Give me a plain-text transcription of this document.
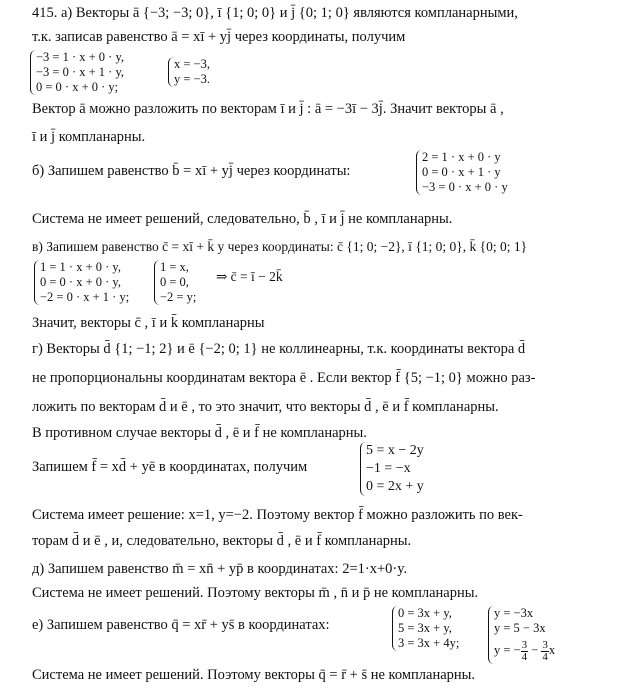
415. а) Векторы ā {−3; −3; 0}, ī {1; 0; 0} и j̄ {0; 1; 0} являются компланарными,
т.к. записав равенство ā = xī + yj̄ через координаты, получим
−3 = 1 · x + 0 · y,
−3 = 0 · x + 1 · y,
0 = 0 · x + 0 · y;
x = −3,
y = −3.
Вектор ā можно разложить по векторам ī и j̄ : ā = −3ī − 3j̄. Значит векторы ā ,
ī и j̄ компланарны.
б) Запишем равенство b̄ = xī + yj̄ через координаты:
2 = 1 · x + 0 · y
0 = 0 · x + 1 · y
−3 = 0 · x + 0 · y
Система не имеет решений, следовательно, b̄ , ī и j̄ не компланарны.
в) Запишем равенство c̄ = xī + k̄ y через координаты: c̄ {1; 0; −2}, ī {1; 0; 0}, k̄ {0; 0; 1}
1 = 1 · x + 0 · y,
0 = 0 · x + 0 · y,
−2 = 0 · x + 1 · y;
1 = x,
0 = 0,
−2 = y;
⇒ c̄ = ī − 2k̄
Значит, векторы c̄ , ī и k̄ компланарны
г) Векторы d̄ {1; −1; 2} и ē {−2; 0; 1} не коллинеарны, т.к. координаты вектора d̄
не пропорциональны координатам вектора ē . Если вектор f̄ {5; −1; 0} можно раз-
ложить по векторам d̄ и ē , то это значит, что векторы d̄ , ē и f̄ компланарны.
В противном случае векторы d̄ , ē и f̄ не компланарны.
Запишем f̄ = xd̄ + yē в координатах, получим
5 = x − 2y
−1 = −x
0 = 2x + y
Система имеет решение: x=1, y=−2. Поэтому вектор f̄ можно разложить по век-
торам d̄ и ē , и, следовательно, векторы d̄ , ē и f̄ компланарны.
д) Запишем равенство m̄ = xn̄ + yp̄ в координатах: 2=1·x+0·y.
Система не имеет решений. Поэтому векторы m̄ , n̄ и p̄ не компланарны.
е) Запишем равенство q̄ = xr̄ + ys̄ в координатах:
0 = 3x + y,
5 = 3x + y,
3 = 3x + 4y;
y = −3x
y = 5 − 3x
y = − $\frac{3}{4} - \frac{3}{4}$ x
Система не имеет решений. Поэтому векторы q̄ = r̄ + s̄ не компланарны.
